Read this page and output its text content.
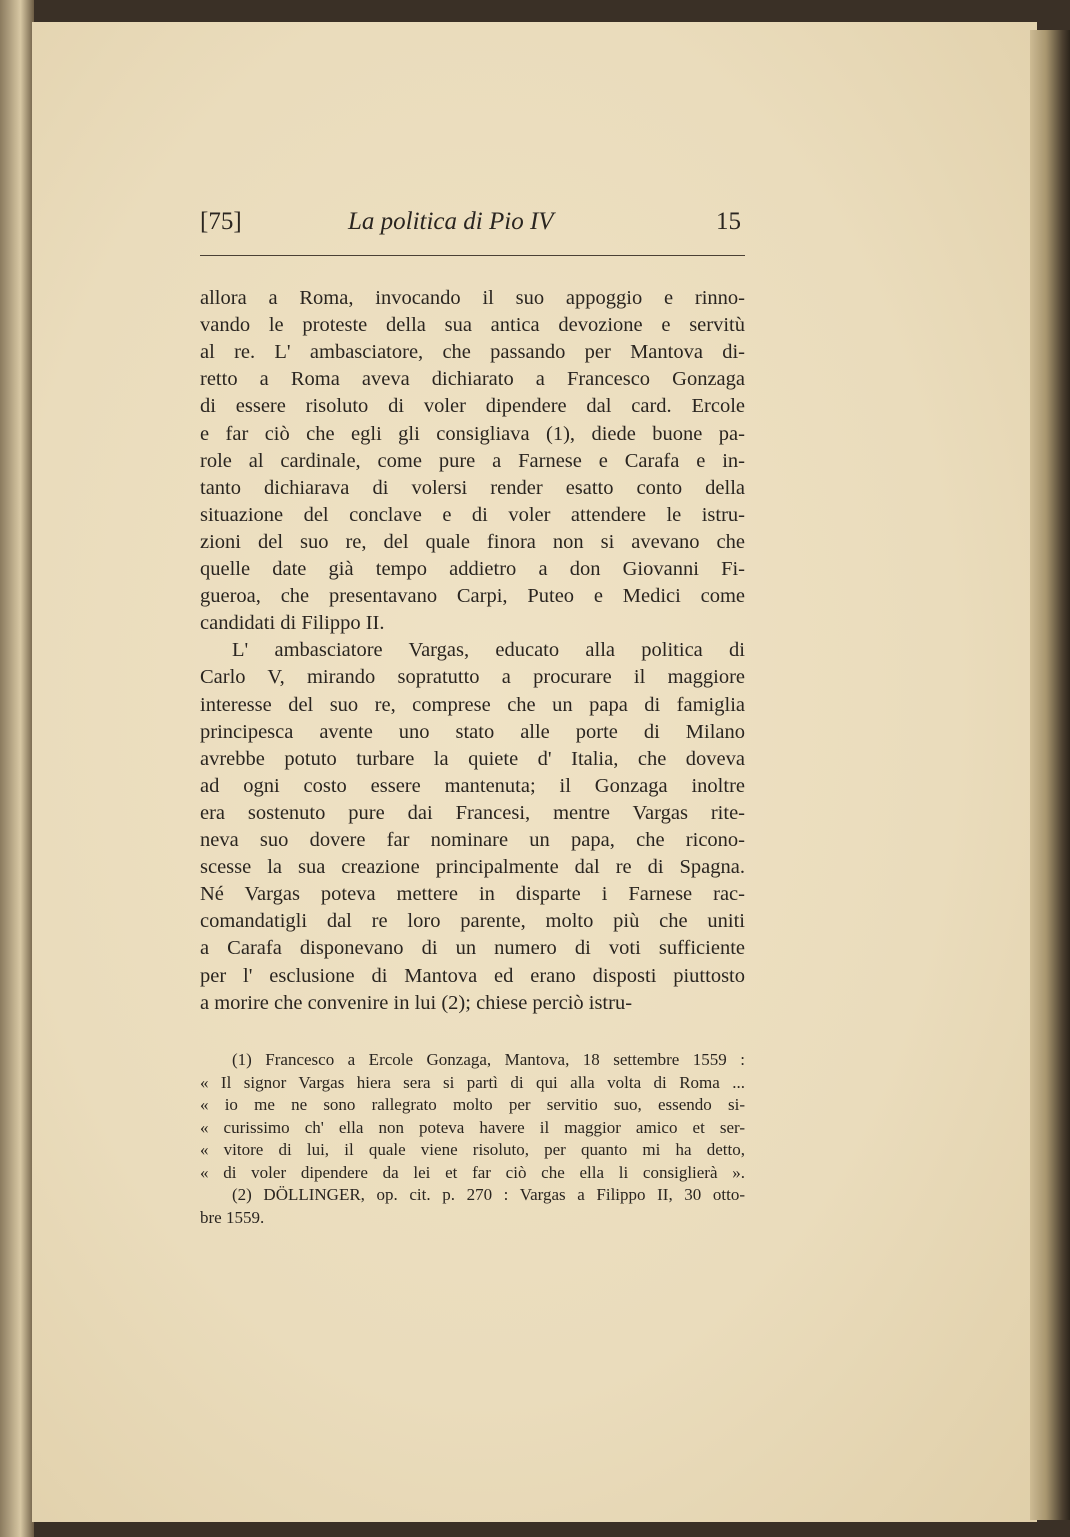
[75]	La politica di Pio IV	15
allora a Roma, invocando il suo appoggio e rinno-
vando le proteste della sua antica devozione e servitù
al re. L' ambasciatore, che passando per Mantova di-
retto a Roma aveva dichiarato a Francesco Gonzaga
di essere risoluto di voler dipendere dal card. Ercole
e far ciò che egli gli consigliava (1), diede buone pa-
role al cardinale, come pure a Farnese e Carafa e in-
tanto dichiarava di volersi render esatto conto della
situazione del conclave e di voler attendere le istru-
zioni del suo re, del quale finora non si avevano che
quelle date già tempo addietro a don Giovanni Fi-
gueroa, che presentavano Carpi, Puteo e Medici come
candidati di Filippo II.
L' ambasciatore Vargas, educato alla politica di
Carlo V, mirando sopratutto a procurare il maggiore
interesse del suo re, comprese che un papa di famiglia
principesca avente uno stato alle porte di Milano
avrebbe potuto turbare la quiete d' Italia, che doveva
ad ogni costo essere mantenuta; il Gonzaga inoltre
era sostenuto pure dai Francesi, mentre Vargas rite-
neva suo dovere far nominare un papa, che ricono-
scesse la sua creazione principalmente dal re di Spagna.
Né Vargas poteva mettere in disparte i Farnese rac-
comandatigli dal re loro parente, molto più che uniti
a Carafa disponevano di un numero di voti sufficiente
per l' esclusione di Mantova ed erano disposti piuttosto
a morire che convenire in lui (2); chiese perciò istru-
(1) Francesco a Ercole Gonzaga, Mantova, 18 settembre 1559 :
« Il signor Vargas hiera sera si partì di qui alla volta di Roma ...
« io me ne sono rallegrato molto per servitio suo, essendo si-
« curissimo ch' ella non poteva havere il maggior amico et ser-
« vitore di lui, il quale viene risoluto, per quanto mi ha detto,
« di voler dipendere da lei et far ciò che ella li consiglierà ».
(2) DÖLLINGER, op. cit. p. 270 : Vargas a Filippo II, 30 otto-
bre 1559.
